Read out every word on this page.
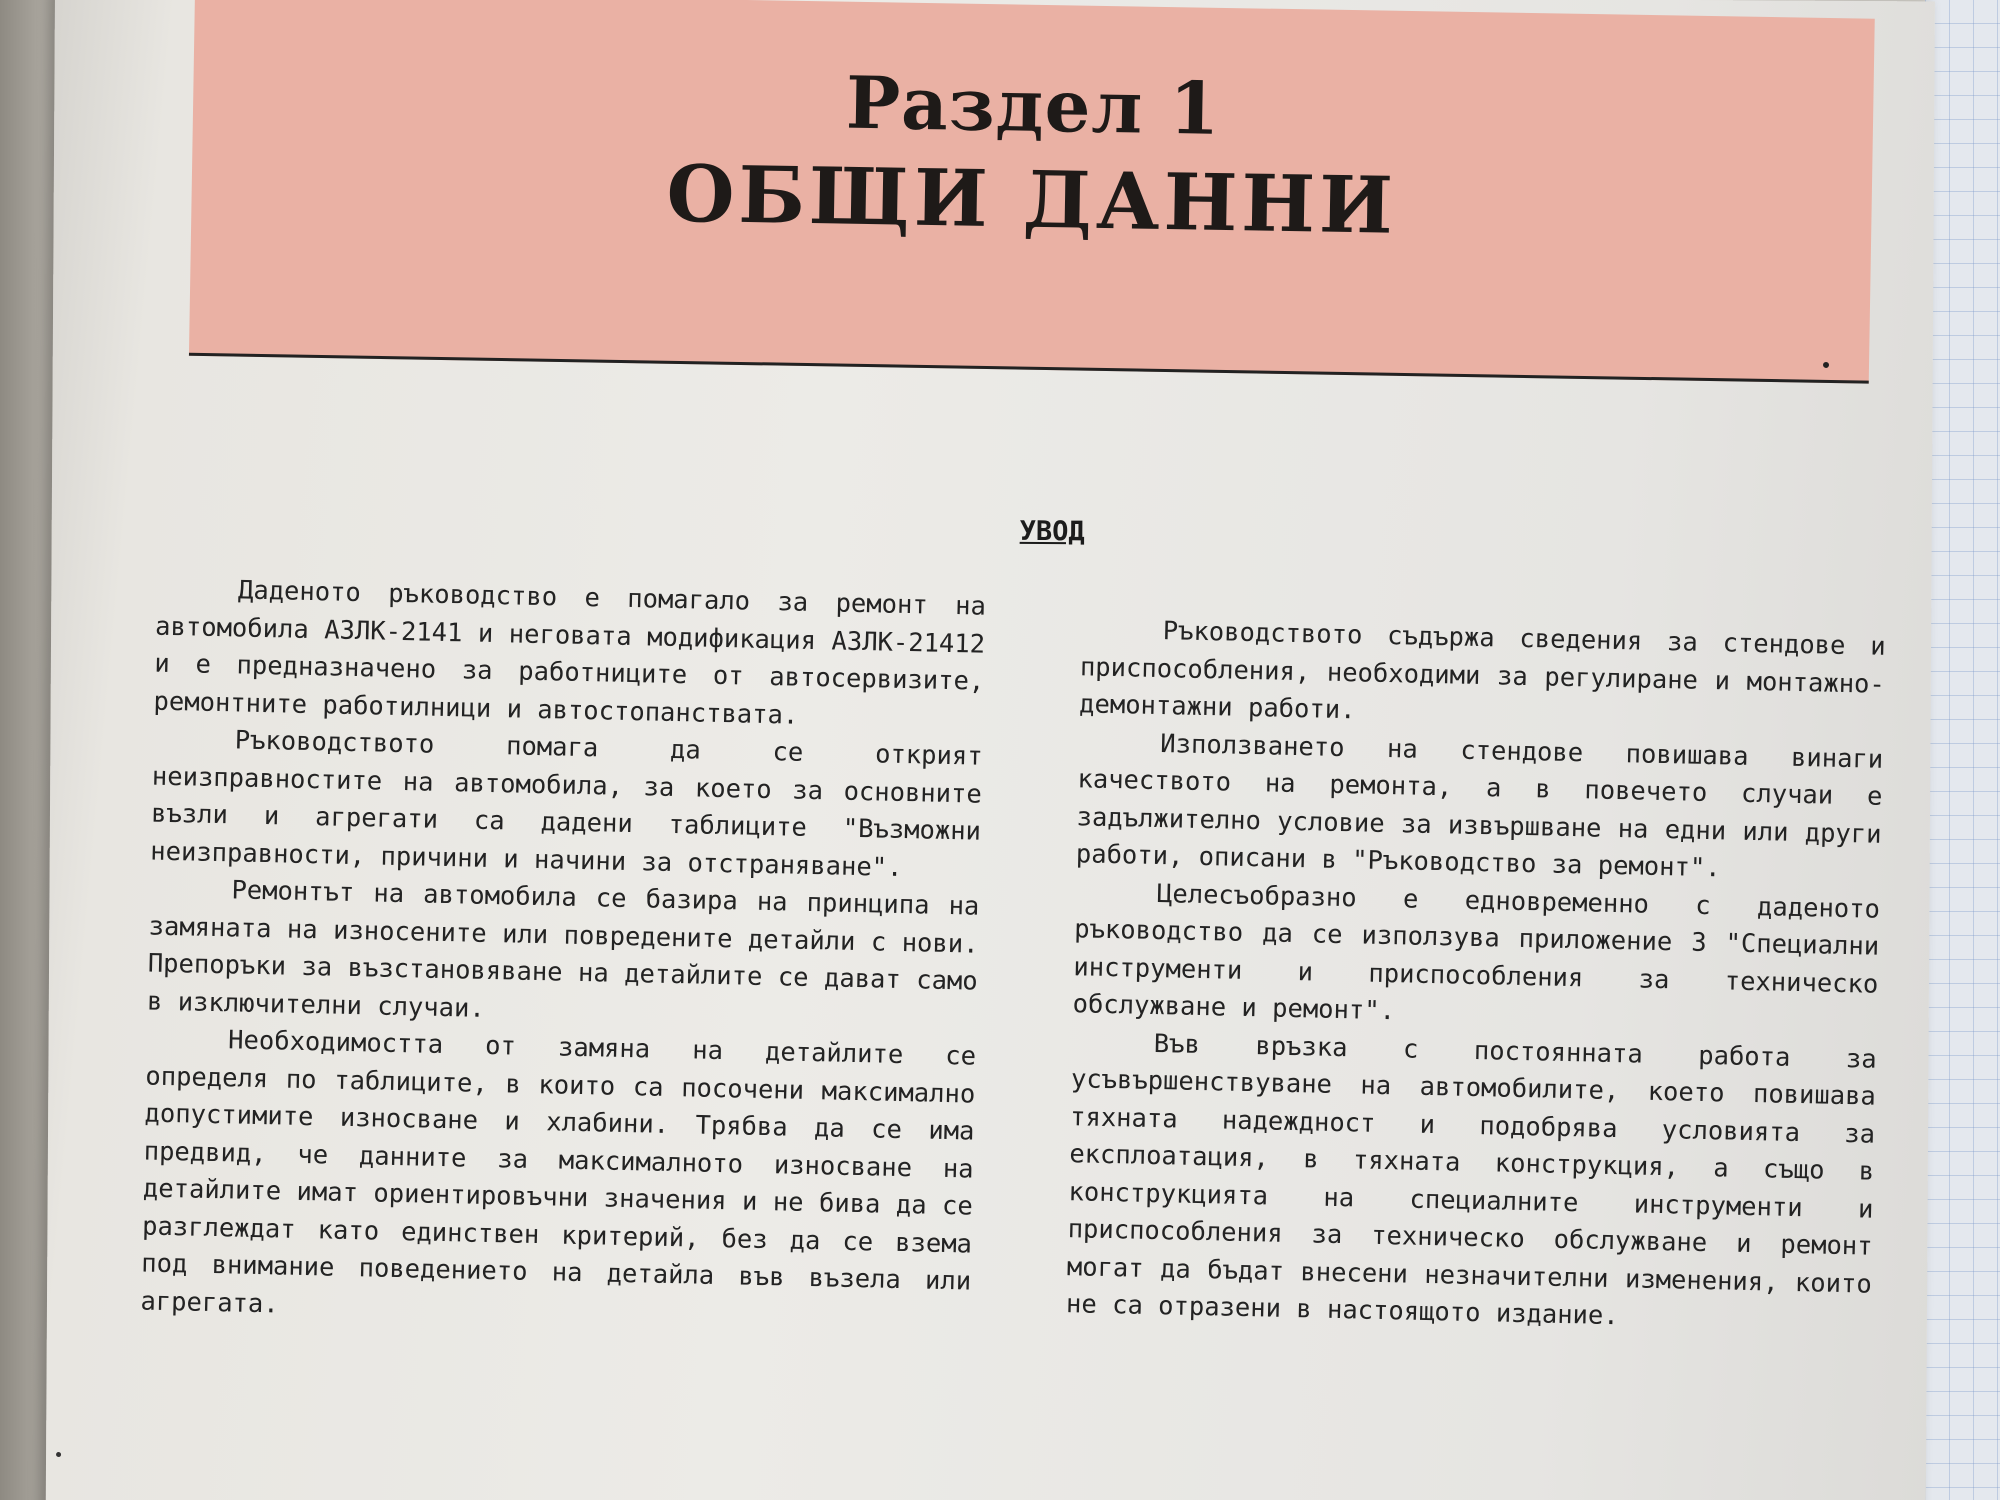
Раздел 1
ОБЩИ ДАННИ
УВОД

Даденото ръководство е помагало за ремонт на автомобила АЗЛК-2141 и неговата модификация АЗЛК-21412 и е предназначено за работниците от автосервизите, ремонтните работилници и автостопанствата.

Ръководството помага да се открият неизправностите на автомобила, за което за основните възли и агрегати са дадени таблиците "Възможни неизправности, причини и начини за отстраняване".

Ремонтът на автомобила се базира на принципа на замяната на износените или повредените детайли с нови. Препоръки за възстановяване на детайлите се дават само в изключителни случаи.

Необходимостта от замяна на детайлите се определя по таблиците, в които са посочени максимално допустимите износване и хлабини. Трябва да се има предвид, че данните за максималното износване на детайлите имат ориентировъчни значения и не бива да се разглеждат като единствен критерий, без да се взема под внимание поведението на детайла във възела или агрегата.

Ръководството съдържа сведения за стендове и приспособления, необходими за регулиране и монтажно-демонтажни работи.

Използването на стендове повишава винаги качеството на ремонта, а в повечето случаи е задължително условие за извършване на едни или други работи, описани в "Ръководство за ремонт".

Целесъобразно е едновременно с даденото ръководство да се използува приложение 3 "Специални инструменти и приспособления за техническо обслужване и ремонт".

Във връзка с постоянната работа за усъвършенствуване на автомобилите, което повишава тяхната надеждност и подобрява условията за експлоатация, в тяхната конструкция, а също в конструкцията на специалните инструменти и приспособления за техническо обслужване и ремонт могат да бъдат внесени незначителни изменения, които не са отразени в настоящото издание.
